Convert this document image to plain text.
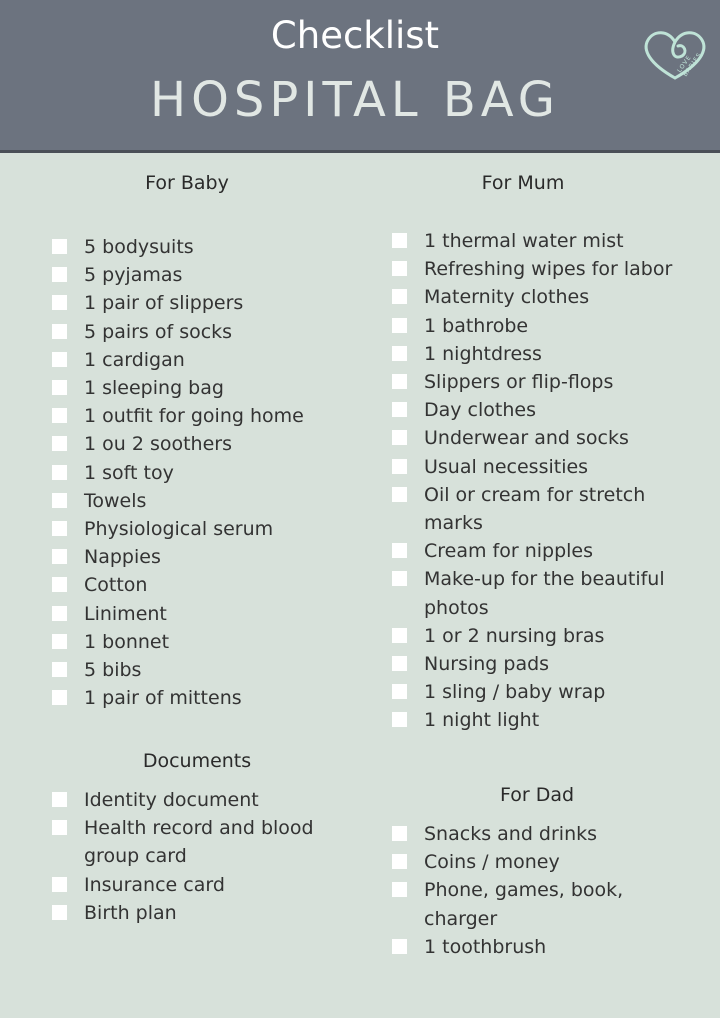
Checklist
HOSPITAL BAG
LOVE BABIES
For Baby
5 bodysuits
5 pyjamas
1 pair of slippers
5 pairs of socks
1 cardigan
1 sleeping bag
1 outfit for going home
1 ou 2 soothers
1 soft toy
Towels
Physiological serum
Nappies
Cotton
Liniment
1 bonnet
5 bibs
1 pair of mittens
Documents
Identity document
Health record and blood group card
Insurance card
Birth plan
For Mum
1 thermal water mist
Refreshing wipes for labor
Maternity clothes
1 bathrobe
1 nightdress
Slippers or flip-flops
Day clothes
Underwear and socks
Usual necessities
Oil or cream for stretch marks
Cream for nipples
Make-up for the beautiful photos
1 or 2 nursing bras
Nursing pads
1 sling / baby wrap
1 night light
For Dad
Snacks and drinks
Coins / money
Phone, games, book, charger
1 toothbrush
